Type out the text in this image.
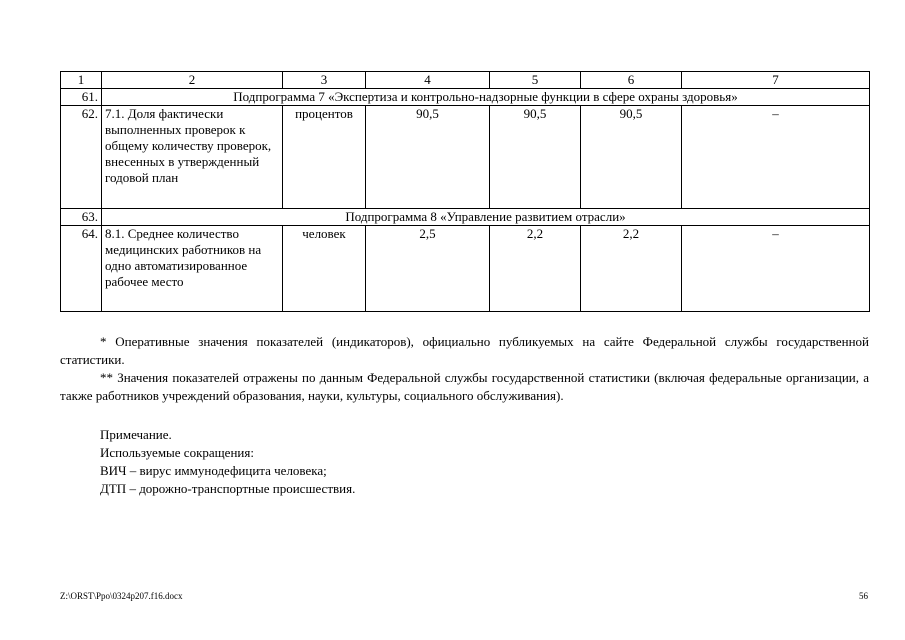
1	2	3	4	5	6	7
61.	Подпрограмма 7 «Экспертиза и контрольно-надзорные функции в сфере охраны здоровья»					
62.	7.1. Доля фактически выполненных проверок к общему количеству проверок, внесенных в утвержденный годовой план	процентов	90,5	90,5	90,5	–
63.	Подпрограмма 8 «Управление развитием отрасли»					
64.	8.1. Среднее количество медицинских работников на одно автоматизированное рабочее место	человек	2,5	2,2	2,2	–

* Оперативные значения показателей (индикаторов), официально публикуемых на сайте Федеральной службы государственной статистики.

** Значения показателей отражены по данным Федеральной службы государственной статистики (включая федеральные организации, а также работников учреждений образования, науки, культуры, социального обслуживания).

Примечание.
Используемые сокращения:
ВИЧ – вирус иммунодефицита человека;
ДТП – дорожно-транспортные происшествия.
Z:\ORST\Ppo\0324p207.f16.docx	56
